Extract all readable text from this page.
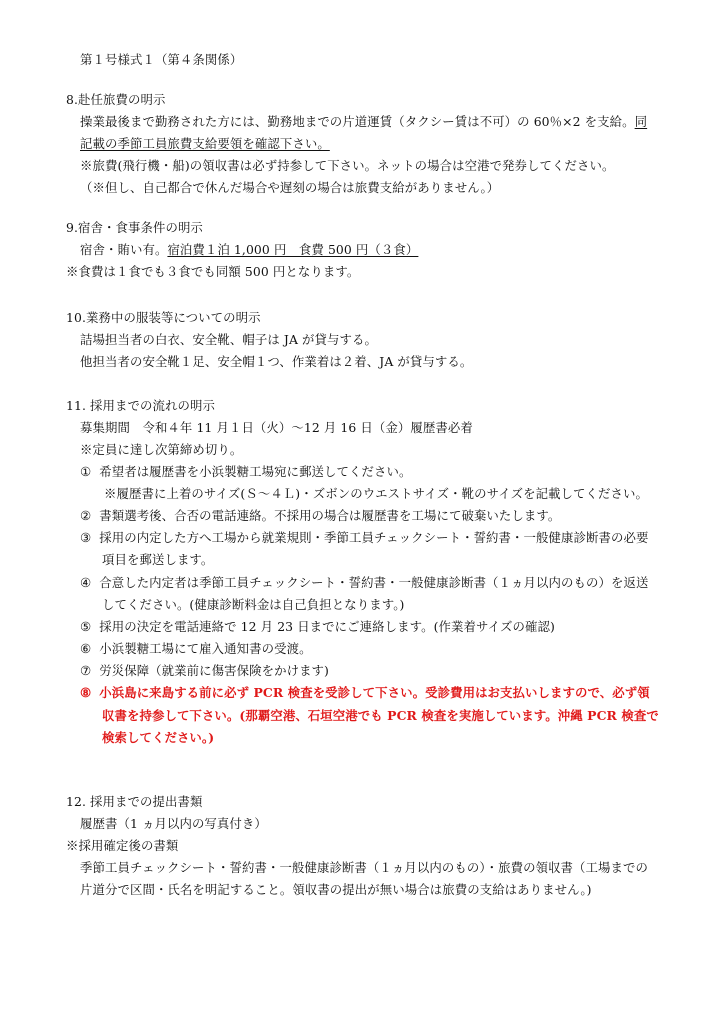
第１号様式１（第４条関係）
8.赴任旅費の明示
操業最後まで勤務された方には、勤務地までの片道運賃（タクシー賃は不可）の 60％×2 を支給。同
記載の季節工員旅費支給要領を確認下さい。
※旅費(飛行機・船)の領収書は必ず持参して下さい。ネットの場合は空港で発券してください。
（※但し、自己都合で休んだ場合や遅刻の場合は旅費支給がありません。）
9.宿舎・食事条件の明示
宿舎・賄い有。宿泊費１泊 1,000 円　食費 500 円（３食）
※食費は１食でも３食でも同額 500 円となります。
10.業務中の服装等についての明示
詰場担当者の白衣、安全靴、帽子は JA が貸与する。
他担当者の安全靴１足、安全帽１つ、作業着は２着、JA が貸与する。
11. 採用までの流れの明示
募集期間　令和４年 11 月１日（火）～12 月 16 日（金）履歴書必着
※定員に達し次第締め切り。
① 希望者は履歴書を小浜製糖工場宛に郵送してください。
※履歴書に上着のサイズ(Ｓ～４Ｌ)・ズボンのウエストサイズ・靴のサイズを記載してください。
② 書類選考後、合否の電話連絡。不採用の場合は履歴書を工場にて破棄いたします。
③ 採用の内定した方へ工場から就業規則・季節工員チェックシート・誓約書・一般健康診断書の必要
項目を郵送します。
④ 合意した内定者は季節工員チェックシート・誓約書・一般健康診断書（１ヵ月以内のもの）を返送
してください。(健康診断料金は自己負担となります。)
⑤ 採用の決定を電話連絡で 12 月 23 日までにご連絡します。(作業着サイズの確認)
⑥ 小浜製糖工場にて雇入通知書の受渡。
⑦ 労災保障（就業前に傷害保険をかけます)
⑧ 小浜島に来島する前に必ず PCR 検査を受診して下さい。受診費用はお支払いしますので、必ず領
収書を持参して下さい。(那覇空港、石垣空港でも PCR 検査を実施しています。沖縄 PCR 検査で
検索してください。)
12. 採用までの提出書類
履歴書（1 ヵ月以内の写真付き）
※採用確定後の書類
季節工員チェックシート・誓約書・一般健康診断書（１ヵ月以内のもの）・旅費の領収書（工場までの
片道分で区間・氏名を明記すること。領収書の提出が無い場合は旅費の支給はありません。)
